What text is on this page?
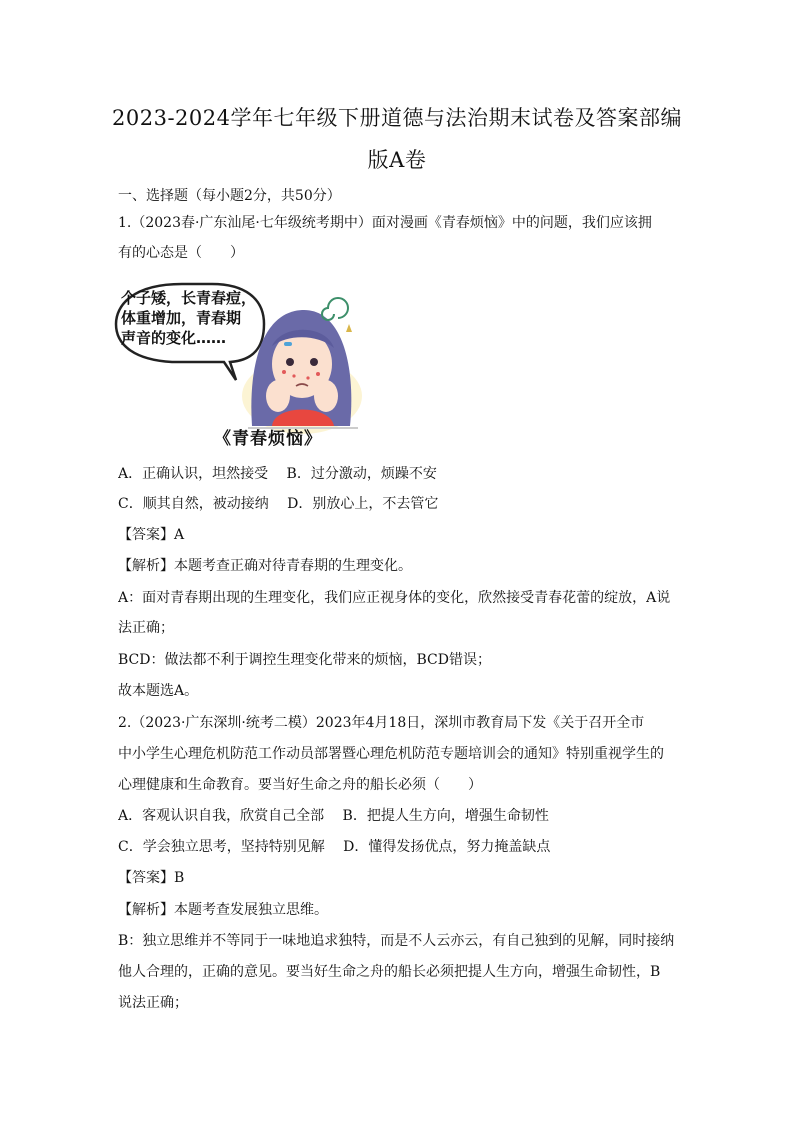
2023-2024学年七年级下册道德与法治期末试卷及答案部编
版A卷
一、选择题（每小题2分，共50分）
1.（2023春·广东汕尾·七年级统考期中）面对漫画《青春烦恼》中的问题，我们应该拥
有的心态是（　　）
个子矮，长青春痘，
体重增加，青春期
声音的变化……
《青春烦恼》
A．正确认识，坦然接受　 B．过分激动，烦躁不安
C．顺其自然，被动接纳　 D．别放心上，不去管它
【答案】A
【解析】本题考查正确对待青春期的生理变化。
A：面对青春期出现的生理变化，我们应正视身体的变化，欣然接受青春花蕾的绽放，A说
法正确；
BCD：做法都不利于调控生理变化带来的烦恼，BCD错误；
故本题选A。
2.（2023·广东深圳·统考二模）2023年4月18日，深圳市教育局下发《关于召开全市
中小学生心理危机防范工作动员部署暨心理危机防范专题培训会的通知》特别重视学生的
心理健康和生命教育。要当好生命之舟的船长必须（　　）
A．客观认识自我，欣赏自己全部　 B．把提人生方向，增强生命韧性
C．学会独立思考，坚持特别见解　 D．懂得发扬优点，努力掩盖缺点
【答案】B
【解析】本题考查发展独立思维。
B：独立思维并不等同于一味地追求独特，而是不人云亦云，有自己独到的见解，同时接纳
他人合理的，正确的意见。要当好生命之舟的船长必须把提人生方向，增强生命韧性，B
说法正确；
